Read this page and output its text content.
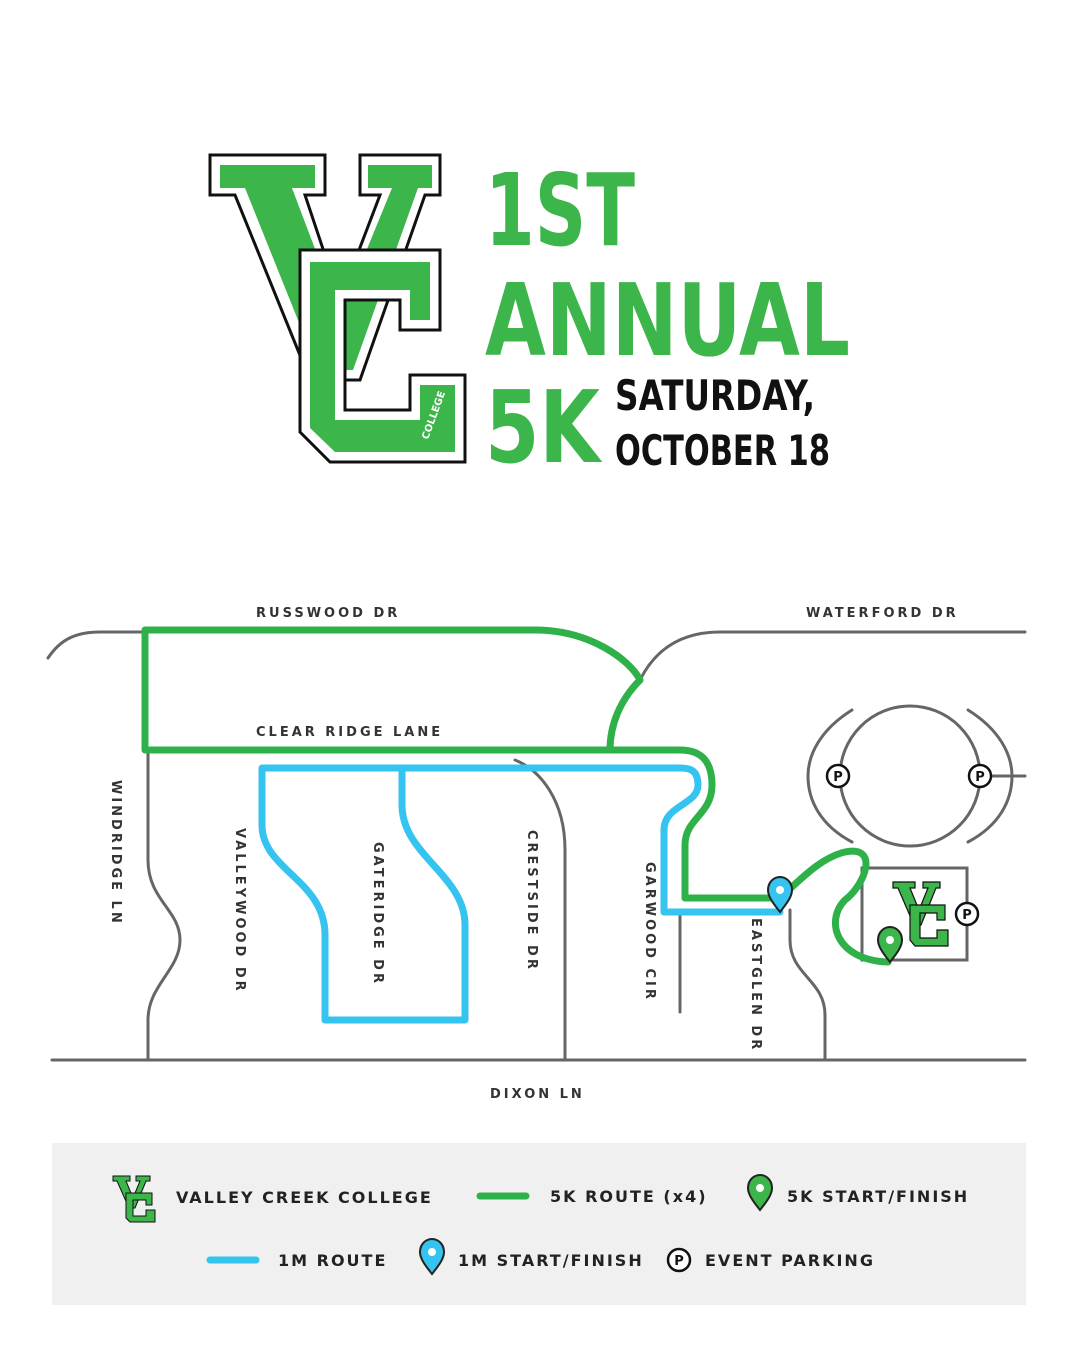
COLLEGE
1ST
ANNUAL
5K SATURDAY,
OCTOBER 18
P	P
P
RUSSWOOD DR	WATERFORD DR
CLEAR RIDGE LANE
WINDRIDGE LN	VALLEYWOOD DR	GATERIDGE DR	CRESTSIDE DR	GARWOOD CIR	EASTGLEN DR
DIXON LN
VALLEY CREEK COLLEGE	5K ROUTE (x4)	5K START/FINISH
1M ROUTE	1M START/FINISH P EVENT PARKING
